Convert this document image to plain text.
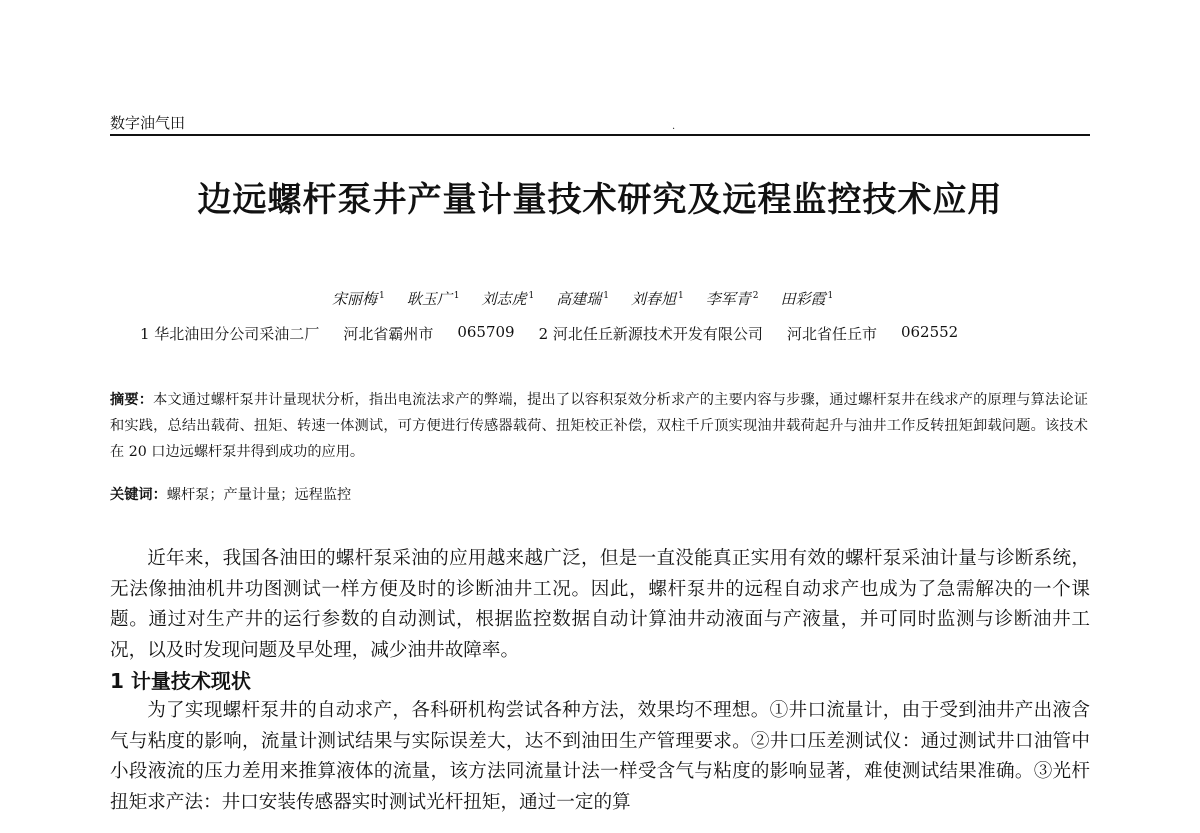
数字油气田	·
边远螺杆泵井产量计量技术研究及远程监控技术应用
宋丽梅 $^1$ 耿玉广 $^1$ 刘志虎 $^1$ 高建瑞 $^1$ 刘春旭 $^1$ 李军青 $^2$ 田彩霞 $^1$
1 华北油田分公司采油二厂 河北省霸州市 065709 2 河北任丘新源技术开发有限公司 河北省任丘市 062552
摘要：本文通过螺杆泵井计量现状分析，指出电流法求产的弊端，提出了以容积泵效分析求产的主要内容与步骤，通过螺杆泵井在线求产的原理与算法论证和实践，总结出载荷、扭矩、转速一体测试，可方便进行传感器载荷、扭矩校正补偿，双柱千斤顶实现油井载荷起升与油井工作反转扭矩卸载问题。该技术在 20 口边远螺杆泵井得到成功的应用。
关键词：螺杆泵；产量计量；远程监控

近年来，我国各油田的螺杆泵采油的应用越来越广泛，但是一直没能真正实用有效的螺杆泵采油计量与诊断系统，无法像抽油机井功图测试一样方便及时的诊断油井工况。因此，螺杆泵井的远程自动求产也成为了急需解决的一个课题。通过对生产井的运行参数的自动测试，根据监控数据自动计算油井动液面与产液量，并可同时监测与诊断油井工况，以及时发现问题及早处理，减少油井故障率。

1 计量技术现状

为了实现螺杆泵井的自动求产，各科研机构尝试各种方法，效果均不理想。①井口流量计，由于受到油井产出液含气与粘度的影响，流量计测试结果与实际误差大，达不到油田生产管理要求。②井口压差测试仪：通过测试井口油管中小段液流的压力差用来推算液体的流量，该方法同流量计法一样受含气与粘度的影响显著，难使测试结果准确。③光杆扭矩求产法：井口安装传感器实时测试光杆扭矩，通过一定的算
